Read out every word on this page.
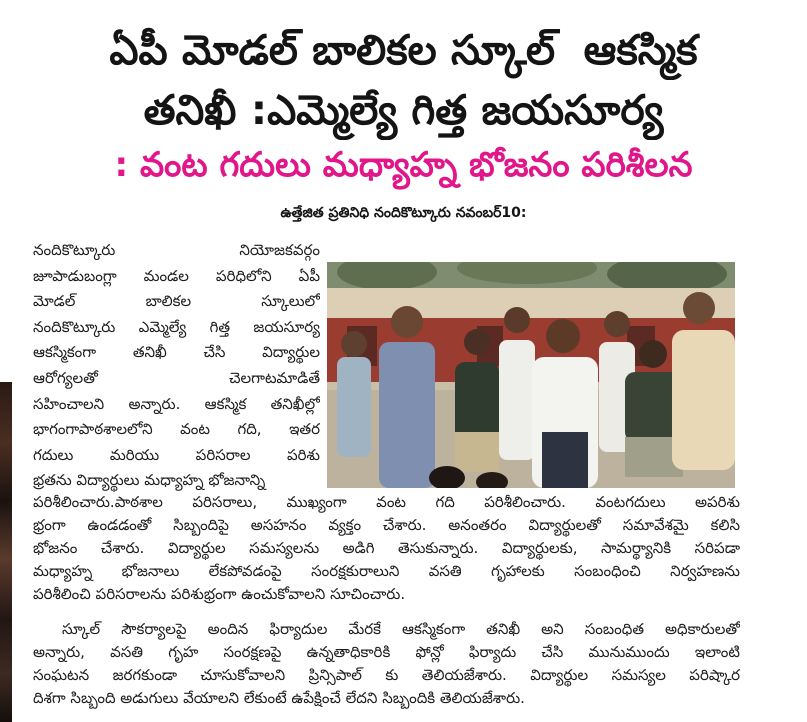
ఏపీ మోడల్ బాలికల స్కూల్  ఆకస్మిక
తనిఖీ :ఎమ్మెల్యే గిత్త జయసూర్య
: వంట గదులు మధ్యాహ్న భోజనం పరిశీలన
ఉత్తేజిత ప్రతినిధి నందికొట్కూరు నవంబర్10:
నందికొట్కూరు నియోజకవర్గం
జూపాడుబంగ్లా మండల పరిధిలోని ఏపీ
మోడల్ బాలికల స్కూలులో
నందికొట్కూరు ఎమ్మెల్యే గిత్త జయసూర్య
ఆకస్మికంగా తనిఖీ చేసి విద్యార్థుల
ఆరోగ్యలతో చెలగాటమాడితే
సహించాలని అన్నారు. ఆకస్మిక తనిఖీల్లో
భాగంగాపాఠశాలలోని వంట గది, ఇతర
గదులు మరియు పరిసరాల పరిశు
భ్రతను విద్యార్థులు మధ్యాహ్న భోజనాన్ని
పరిశీలించారు.పాఠశాల పరిసరాలు, ముఖ్యంగా వంట గది పరిశీలించారు. వంటగదులు అపరిశు
భ్రంగా ఉండడంతో సిబ్బందిపై అసహనం వ్యక్తం చేశారు. అనంతరం విద్యార్థులతో సమావేశమై కలిసి
భోజనం చేశారు. విద్యార్థుల సమస్యలను అడిగి తెసుకున్నారు. విద్యార్థులకు, సామర్థ్యానికి సరిపడా
మధ్యాహ్న భోజనాలు లేకపోవడంపై సంరక్షకురాలుని వసతి గృహాలకు సంబంధించి నిర్వహణను
పరిశీలించి పరిసరాలను పరిశుభ్రంగా ఉంచుకోవాలని సూచించారు.
స్కూల్ సౌకర్యాలపై అందిన ఫిర్యాదుల మేరకే ఆకస్మికంగా తనిఖీ అని సంబంధిత అధికారులతో
అన్నారు, వసతి గృహ సంరక్షణపై ఉన్నతాధికారికి ఫోన్లో ఫిర్యాదు చేసి మునుముందు ఇలాంటి
సంఘటన జరగకుండా చూసుకోవాలని ప్రిన్సిపాల్ కు తెలియజేశారు. విద్యార్థుల సమస్యల పరిష్కార
దిశగా సిబ్బంది అడుగులు వేయాలని లేకుంటే ఉపేక్షించే లేదని సిబ్బందికి తెలియజేశారు.
